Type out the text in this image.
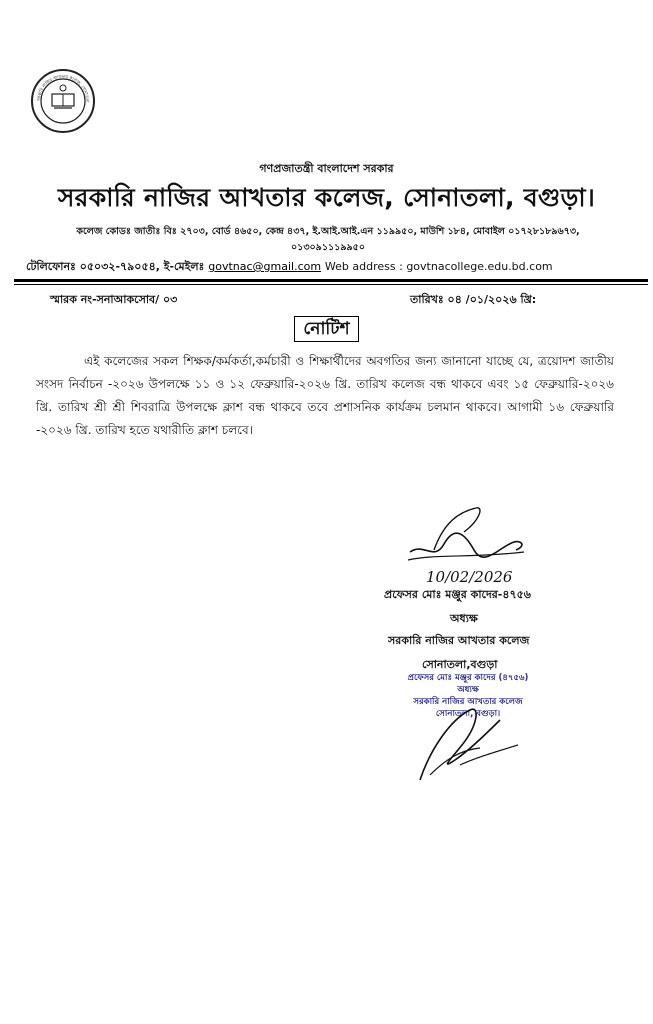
সরকারি নাজির আখতার কলেজ, সোনাতলা
গণপ্রজাতন্ত্রী বাংলাদেশ সরকার
সরকারি নাজির আখতার কলেজ, সোনাতলা, বগুড়া।
কলেজ কোডঃ জাতীঃ বিঃ ২৭০৩, বোর্ড ৪৬৫০, কেন্দ্র ৪৩৭, ই.আই.আই.এন ১১৯৯৫০, মাউশি ১৮৪, মোবাইল ০১৭২৮১৮৯৬৭৩,
০১৩০৯১১১৯৯৫০
টেলিফোনঃ ০৫০৩২-৭৯০৫৪, ই-মেইলঃ govtnac@gmail.com Web address : govtnacollege.edu.bd.com
স্মারক নং-সনাআকসোব/ ০৩	তারিখঃ ০৪ /০১/২০২৬ খ্রি:
নোটিশ
এই কলেজের সকল শিক্ষক/কর্মকর্তা,কর্মচারী ও শিক্ষার্থীদের অবগতির জন্য জানানো যাচ্ছে যে, ত্রয়োদশ জাতীয় সংসদ নির্বাচন -২০২৬ উপলক্ষে ১১ ও ১২ ফেব্রুয়ারি-২০২৬ খ্রি. তারিখ কলেজ বন্ধ থাকবে এবং ১৫ ফেব্রুয়ারি-২০২৬ খ্রি. তারিখ শ্রী শ্রী শিবরাত্রি উপলক্ষে ক্লাশ বন্ধ থাকবে তবে প্রশাসনিক কার্যক্রম চলমান থাকবে। আগামী ১৬ ফেব্রুয়ারি -২০২৬ খ্রি. তারিখ হতে যথারীতি ক্লাশ চলবে।
10/02/2026
প্রফেসর মোঃ মঞ্জুর কাদের-৪৭৫৬
অধ্যক্ষ
সরকারি নাজির আখতার কলেজ
সোনাতলা,বগুড়া
প্রফেসর মোঃ মঞ্জুর কাদের (৪৭৫৬)
অধ্যক্ষ
সরকারি নাজির আখতার কলেজ
সোনাতলা, বগুড়া।
